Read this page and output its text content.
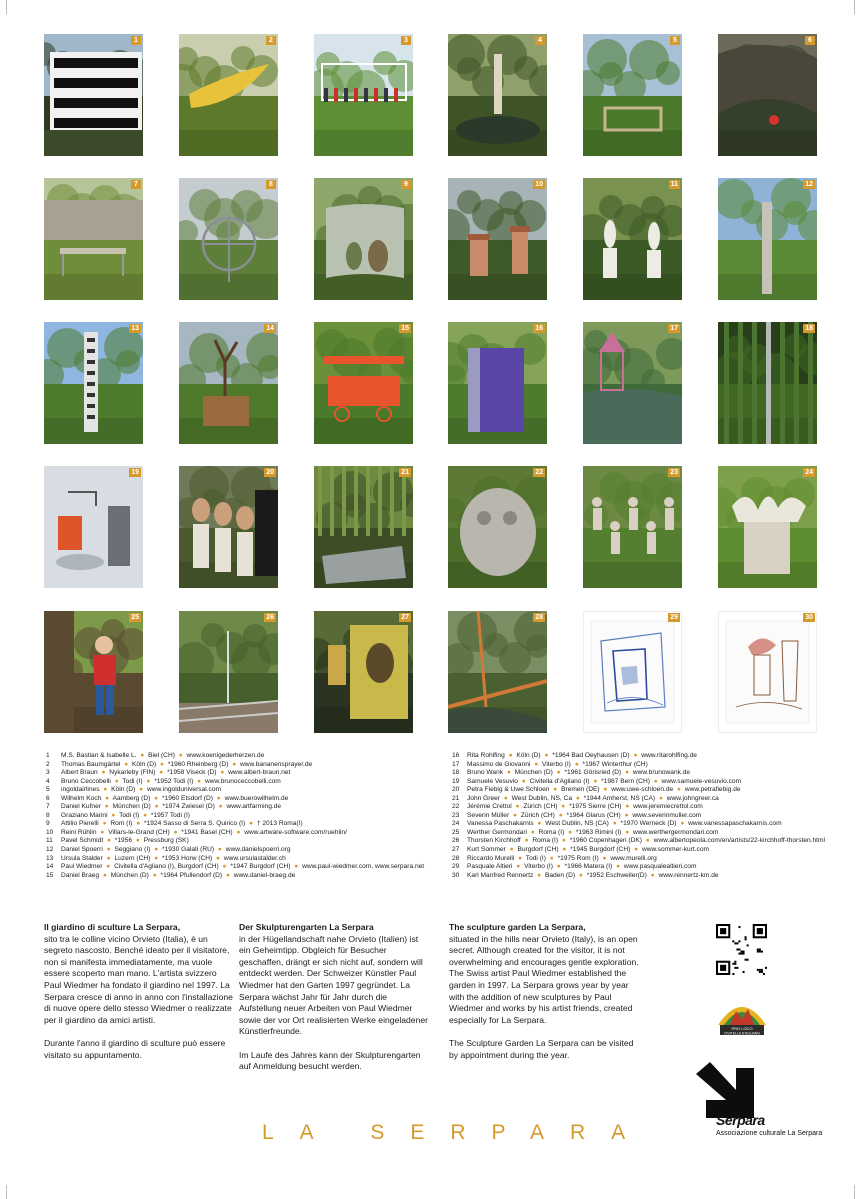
1	2	3	4	5	6
7	8	9	10	11	12
13	14	15	16	17	18
19	20	21	22	23	24
25	26	27	28	29	30
1	M.S. Bastian & Isabelle L. ● Biel (CH) ● www.koenigederherzen.de
2	Thomas Baumgärtel ● Köln (D) ● *1960 Rheinberg (D) ● www.bananensprayer.de
3	Albert Braun ● Nykarleby (FIN) ● *1958 Viseck (D) ● www.albert-braun.net
4	Bruno Ceccobelli ● Todi (I) ● *1952 Todi (I) ● www.brunoceccobelli.com
5	ingoldairlines ● Köln (D) ● www.ingolduniversal.com
6	Wilhelm Koch ● Aamberg (D) ● *1960 Etsdorf (D) ● www.buerowilhelm.de
7	Daniel Kufner ● München (D) ● *1974 Zwiesel (D) ● www.artfarming.de
8	Graziano Marini ● Todi (I) ● *1957 Todi (I)
9	Attilio Pierelli ● Rom (I) ● *1924 Sasso di Serra S. Quirico (I) ● † 2013 Roma(I)
10	Reini Rühlin ● Villars-le-Grand (CH) ● *1941 Basel (CH) ● www.artware-software.com/ruehlin/
11	Pavel Schmidt ● *1956 ● Pressburg (SK)
12	Daniel Spoerri ● Seggiano (I) ● *1930 Galati (RU) ● www.danielspoerri.org
13	Ursula Stalder ● Luzern (CH) ● *1953 Horw (CH) ● www.ursulastalder.ch
14	Paul Wiedmer ● Civitella d'Agliano (I), Burgdorf (CH) ● *1947 Burgdorf (CH) ● www.paul-wiedmer.com, www.serpara.net
15	Daniel Braeg ● München (D) ● *1964 Pfullendorf (D) ● www.daniel-braeg.de
16	Rita Rohlfing ● Köln (D) ● *1964 Bad Oeyhausen (D) ● www.ritarohlfing.de
17	Massimo de Giovanni ● Viterbo (I) ● *1967 Winterthur (CH)
18	Bruno Wank ● München (D) ● *1961 Görisried (D) ● www.brunowank.de
19	Samuele Vesuvio ● Civitella d'Agliano (I) ● *1987 Bern (CH) ● www.samuele-vesuvio.com
20	Petra Fiebig & Uwe Schloen ● Bremen (DE) ● www.uwe-schloen.de ● www.petrafiebig.de
21	John Greer ● West Dublin, NS, Ca ● *1944 Amherst, NS (CA) ● www.johngreer.ca
22	Jérémie Crettol ● Zürich (CH) ● *1975 Sierre (CH) ● www.jeremiecrettol.com
23	Severin Müller ● Zürich (CH) ● *1964 Glarus (CH) ● www.severinmuller.com
24	Vanessa Paschakarnis ● West Dublin, NS (CA) ● *1970 Werneck (D) ● www.vanessapaschakarnis.com
25	Werther Germondari ● Roma (I) ● *1963 Rimini (I) ● www.werthergermondari.com
26	Thorsten Kirchhoff ● Roma (I) ● *1960 Copenhagen (DK) ● www.albertopeola.com/en/artists/22-kirchhoff-thorsten.html
27	Kurt Sommer ● Burgdorf (CH) ● *1945 Burgdorf (CH) ● www.sommer-kurt.com
28	Riccardo Murelli ● Todi (I) ● *1975 Rom (I) ● www.murelli.org
29	Pasquale Altieri ● Viterbo (I) ● *1966 Matera (I) ● www.pasqualealtieri.com
30	Karl Manfred Rennertz ● Baden (D) ● *1952 Eschweiler(D) ● www.rennertz-km.de

Il giardino di sculture La Serpara,
sito tra le colline vicino Orvieto (Italia), è un segreto nascosto. Benché ideato per il visitatore, non si manifesta immediatamente, ma vuole essere scoperto man mano. L'artista svizzero Paul Wiedmer ha fondato il giardino nel 1997. La Serpara cresce di anno in anno con l'installazione di nuove opere dello stesso Wiedmer o realizzate per il giardino da amici artisti.

Durante l'anno il giardino di sculture può essere visitato su appuntamento.

Der Skulpturengarten La Serpara
in der Hügellandschaft nahe Orvieto (Italien) ist ein Geheimtipp. Obgleich für Besucher geschaffen, drängt er sich nicht auf, sondern will entdeckt werden. Der Schweizer Künstler Paul Wiedmer hat den Garten 1997 gegründet. La Serpara wächst Jahr für Jahr durch die Aufstellung neuer Arbeiten von Paul Wiedmer sowie der vor Ort realisierten Werke eingeladener Künstlerfreunde.

Im Laufe des Jahres kann der Skulpturengarten auf Anmeldung besucht werden.

The sculpture garden La Serpara,
situated in the hills near Orvieto (Italy), is an open secret. Although created for the visitor, it is not overwhelming and encourages gentle exploration. The Swiss artist Paul Wiedmer established the garden in 1997. La Serpara grows year by year with the addition of new sculptures by Paul Wiedmer and works by his artist friends, created especially for La Serpara.

The Sculpture Garden La Serpara can be visited by appointment during the year.

LA SERPARA
PRO LOCO
CIVITELLA D'AGLIANO
Serpara
Associazione culturale La Serpara
